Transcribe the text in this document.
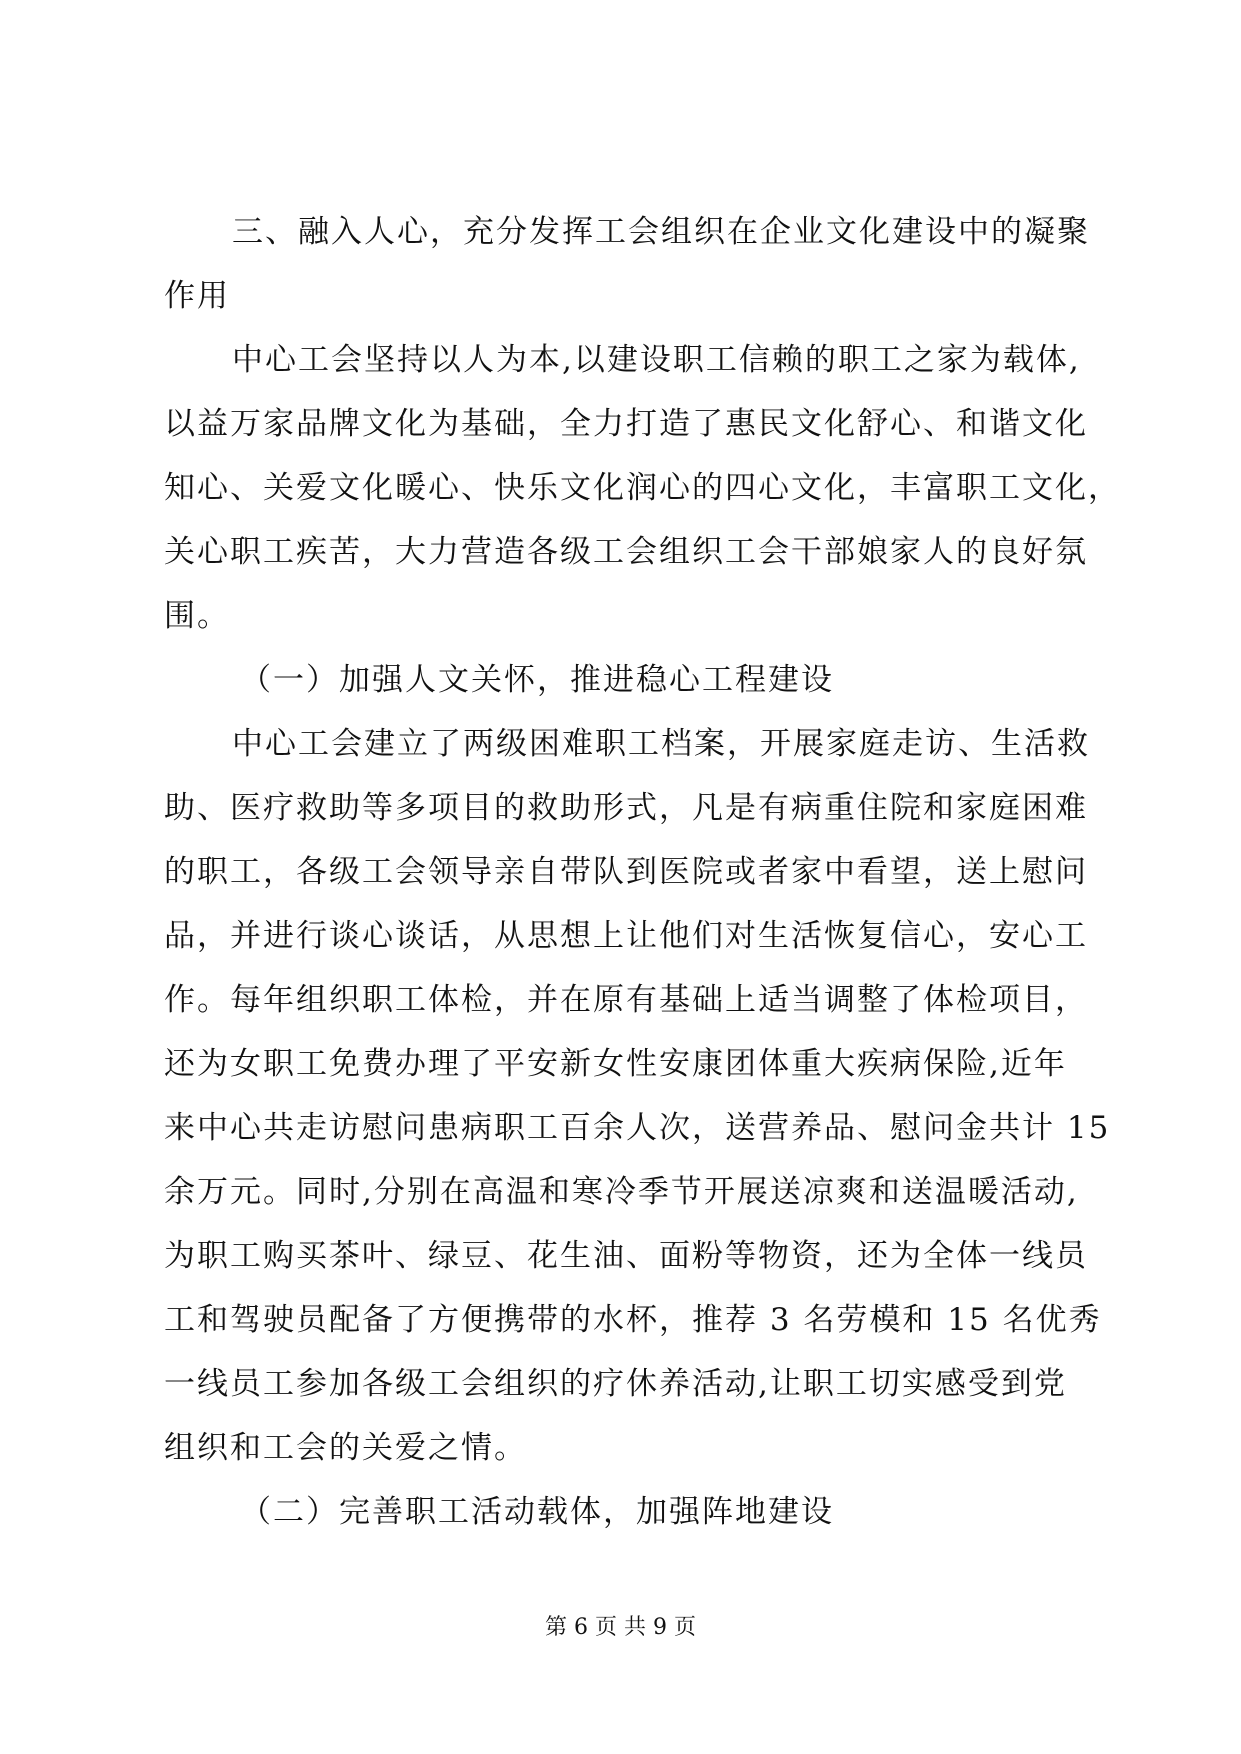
三、融入人心，充分发挥工会组织在企业文化建设中的凝聚
作用
中心工会坚持以人为本,以建设职工信赖的职工之家为载体,
以益万家品牌文化为基础，全力打造了惠民文化舒心、和谐文化
知心、关爱文化暖心、快乐文化润心的四心文化，丰富职工文化，
关心职工疾苦，大力营造各级工会组织工会干部娘家人的良好氛
围。
（一）加强人文关怀，推进稳心工程建设
中心工会建立了两级困难职工档案，开展家庭走访、生活救
助、医疗救助等多项目的救助形式，凡是有病重住院和家庭困难
的职工，各级工会领导亲自带队到医院或者家中看望，送上慰问
品，并进行谈心谈话，从思想上让他们对生活恢复信心，安心工
作。每年组织职工体检，并在原有基础上适当调整了体检项目，
还为女职工免费办理了平安新女性安康团体重大疾病保险,近年
来中心共走访慰问患病职工百余人次，送营养品、慰问金共计 15
余万元。同时,分别在高温和寒冷季节开展送凉爽和送温暖活动,
为职工购买茶叶、绿豆、花生油、面粉等物资，还为全体一线员
工和驾驶员配备了方便携带的水杯，推荐 3 名劳模和 15 名优秀
一线员工参加各级工会组织的疗休养活动,让职工切实感受到党
组织和工会的关爱之情。
（二）完善职工活动载体，加强阵地建设
第 6 页 共 9 页
